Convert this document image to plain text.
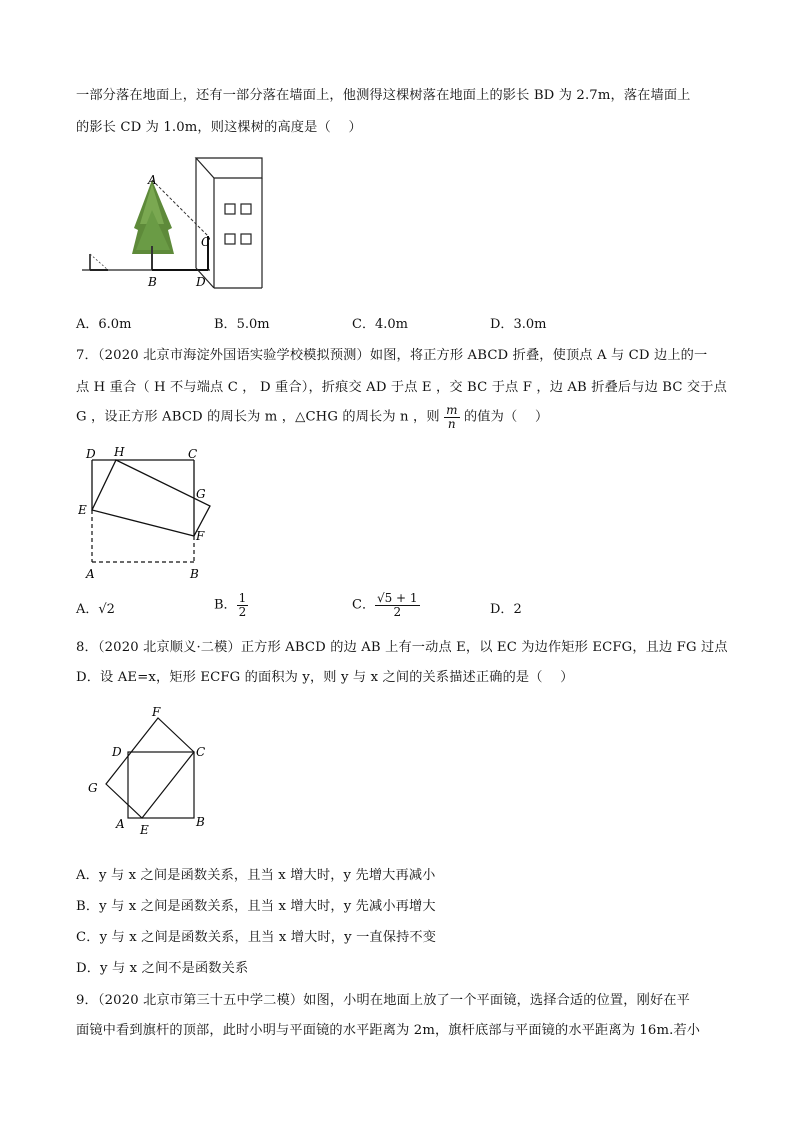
一部分落在地面上，还有一部分落在墙面上，他测得这棵树落在地面上的影长 BD 为 2.7m，落在墙面上
的影长 CD 为 1.0m，则这棵树的高度是（　 ）
A
C
B	D
A．6.0m	B．5.0m	C．4.0m	D．3.0m
7．（2020 北京市海淀外国语实验学校模拟预测）如图，将正方形 ABCD 折叠，使顶点 A 与 CD 边上的一
点 H 重合（ H 不与端点 C ， D 重合），折痕交 AD 于点 E ，交 BC 于点 F ，边 AB 折叠后与边 BC 交于点
G ，设正方形 ABCD 的周长为 m ，△CHG 的周长为 n ，则 $\frac{m}{n}$ 的值为（　 ）
D H	C
G
E
F
A	B
A．√2	B． $\frac{1}{2}$	C． $\frac{√5 + 1}{2}$	D．2
8．（2020 北京顺义·二模）正方形 ABCD 的边 AB 上有一动点 E，以 EC 为边作矩形 ECFG，且边 FG 过点
D．设 AE=x，矩形 ECFG 的面积为 y，则 y 与 x 之间的关系描述正确的是（　 ）
F
D	C
G
A E
B
A．y 与 x 之间是函数关系，且当 x 增大时，y 先增大再减小
B．y 与 x 之间是函数关系，且当 x 增大时，y 先减小再增大
C．y 与 x 之间是函数关系，且当 x 增大时，y 一直保持不变
D．y 与 x 之间不是函数关系
9．（2020 北京市第三十五中学二模）如图，小明在地面上放了一个平面镜，选择合适的位置，刚好在平
面镜中看到旗杆的顶部，此时小明与平面镜的水平距离为 2m，旗杆底部与平面镜的水平距离为 16m.若小
